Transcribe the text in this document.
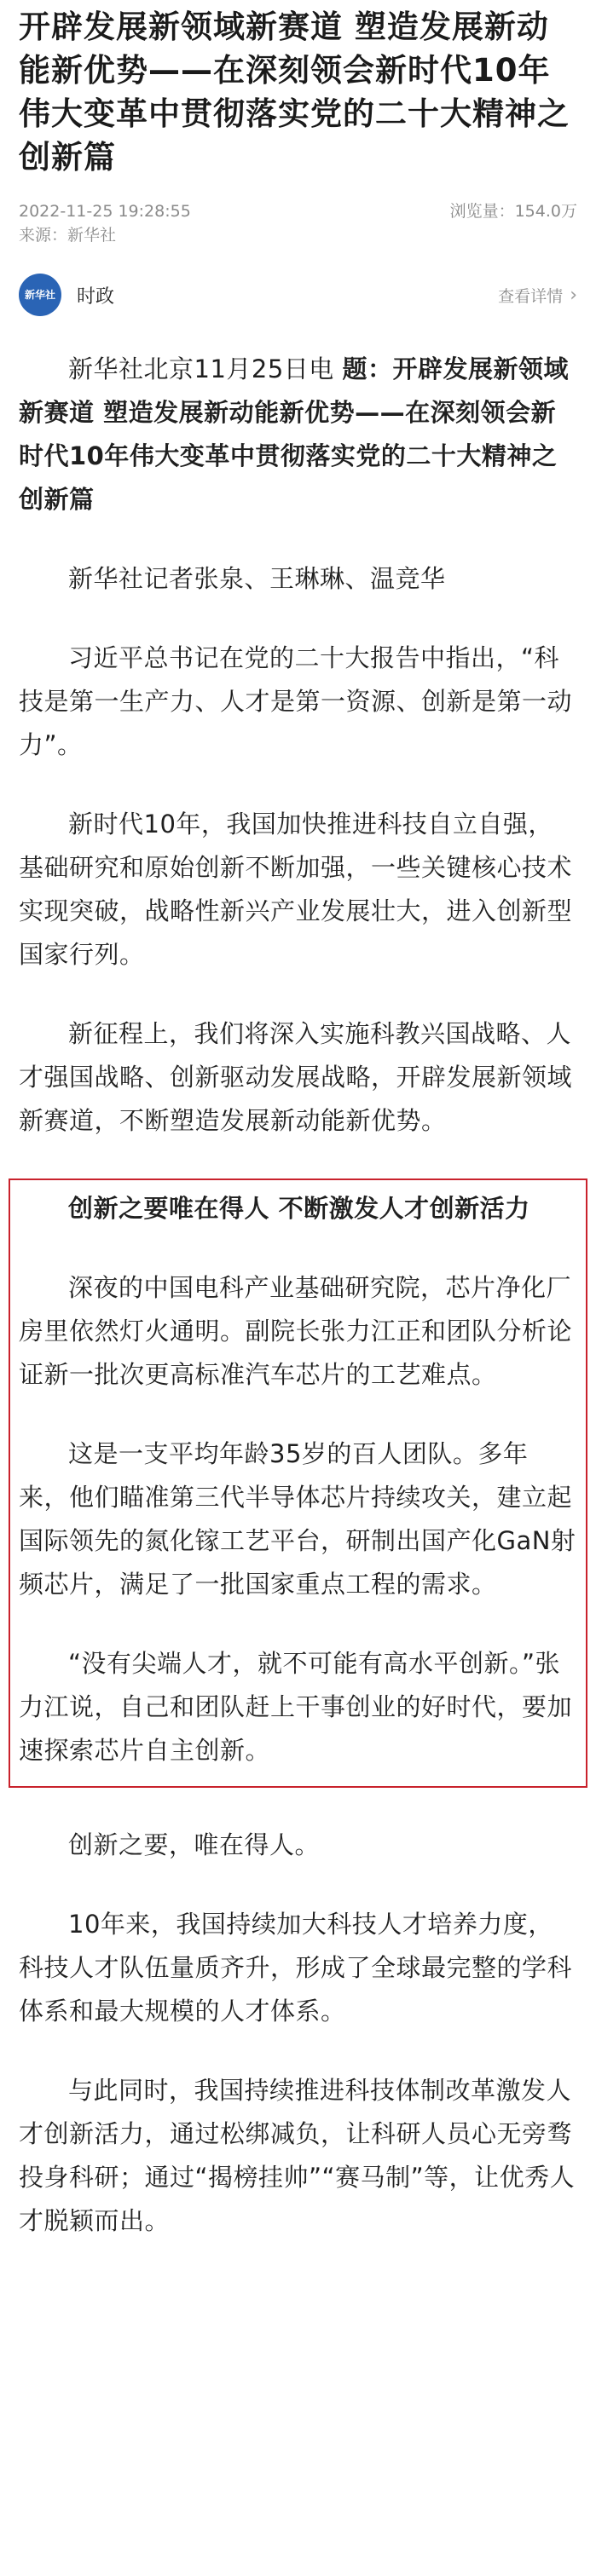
开辟发展新领域新赛道 塑造发展新动能新优势——在深刻领会新时代10年伟大变革中贯彻落实党的二十大精神之创新篇
2022-11-25 19:28:55	浏览量：154.0万
来源：新华社
新华社 时政	查看详情 ›

新华社北京11月25日电 题：开辟发展新领域新赛道 塑造发展新动能新优势——在深刻领会新时代10年伟大变革中贯彻落实党的二十大精神之创新篇

新华社记者张泉、王琳琳、温竞华

习近平总书记在党的二十大报告中指出，“科技是第一生产力、人才是第一资源、创新是第一动力”。

新时代10年，我国加快推进科技自立自强，基础研究和原始创新不断加强，一些关键核心技术实现突破，战略性新兴产业发展壮大，进入创新型国家行列。

新征程上，我们将深入实施科教兴国战略、人才强国战略、创新驱动发展战略，开辟发展新领域新赛道，不断塑造发展新动能新优势。

创新之要唯在得人 不断激发人才创新活力

深夜的中国电科产业基础研究院，芯片净化厂房里依然灯火通明。副院长张力江正和团队分析论证新一批次更高标准汽车芯片的工艺难点。

这是一支平均年龄35岁的百人团队。多年来，他们瞄准第三代半导体芯片持续攻关，建立起国际领先的氮化镓工艺平台，研制出国产化GaN射频芯片，满足了一批国家重点工程的需求。

“没有尖端人才，就不可能有高水平创新。”张力江说，自己和团队赶上干事创业的好时代，要加速探索芯片自主创新。

创新之要，唯在得人。

10年来，我国持续加大科技人才培养力度，科技人才队伍量质齐升，形成了全球最完整的学科体系和最大规模的人才体系。

与此同时，我国持续推进科技体制改革激发人才创新活力，通过松绑减负，让科研人员心无旁骛投身科研；通过“揭榜挂帅”“赛马制”等，让优秀人才脱颖而出。
